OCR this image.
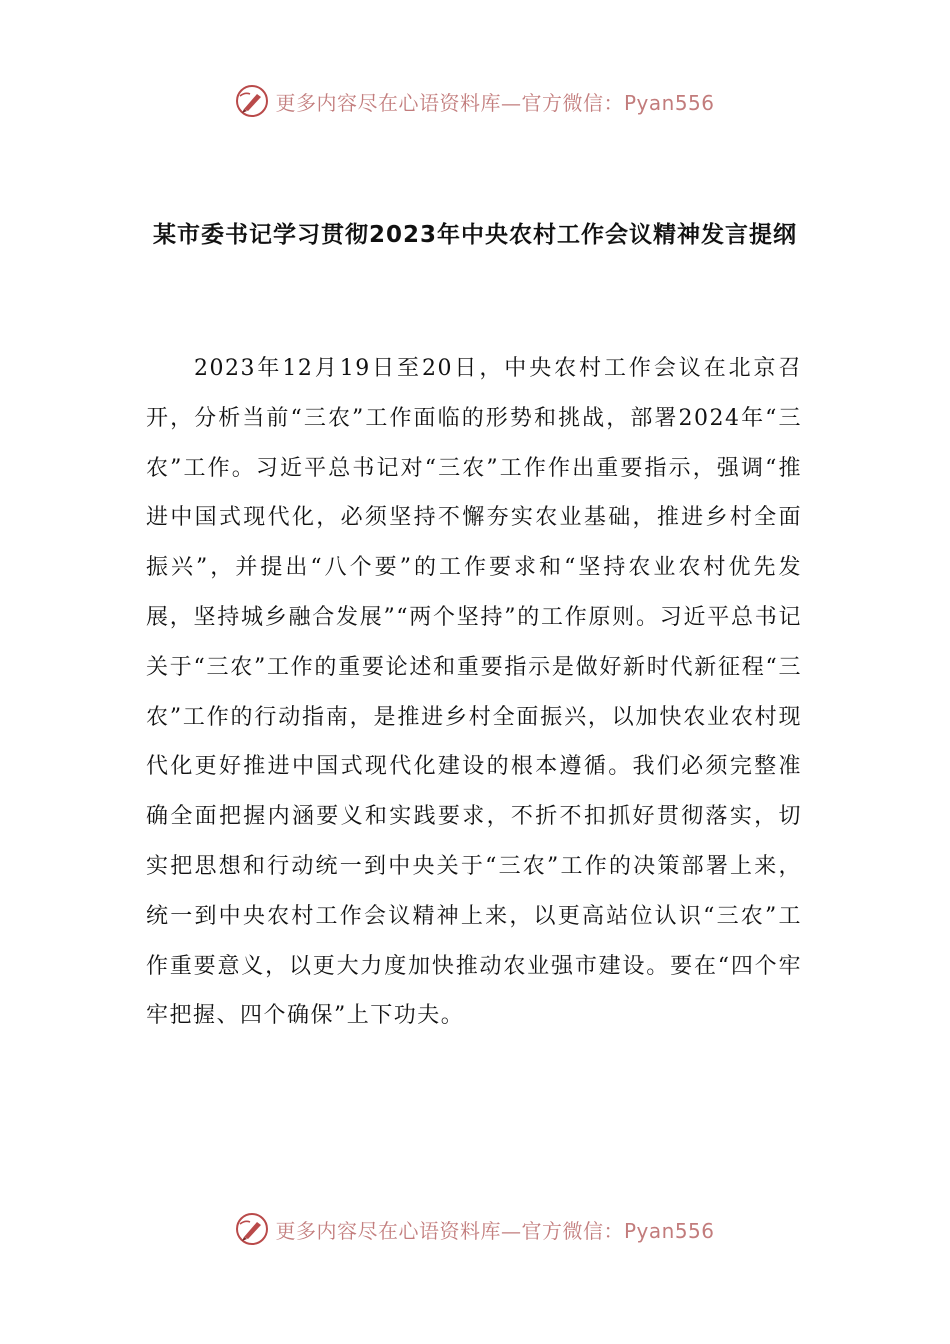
更多内容尽在心语资料库—官方微信：Pyan556
某市委书记学习贯彻2023年中央农村工作会议精神发言提纲

2023年12月19日至20日，中央农村工作会议在北京召开，分析当前“三农”工作面临的形势和挑战，部署2024年“三农”工作。习近平总书记对“三农”工作作出重要指示，强调“推进中国式现代化，必须坚持不懈夯实农业基础，推进乡村全面振兴”，并提出“八个要”的工作要求和“坚持农业农村优先发展，坚持城乡融合发展”“两个坚持”的工作原则。习近平总书记关于“三农”工作的重要论述和重要指示是做好新时代新征程“三农”工作的行动指南，是推进乡村全面振兴，以加快农业农村现代化更好推进中国式现代化建设的根本遵循。我们必须完整准确全面把握内涵要义和实践要求，不折不扣抓好贯彻落实，切实把思想和行动统一到中央关于“三农”工作的决策部署上来，统一到中央农村工作会议精神上来，以更高站位认识“三农”工作重要意义，以更大力度加快推动农业强市建设。要在“四个牢牢把握、四个确保”上下功夫。

更多内容尽在心语资料库—官方微信：Pyan556
